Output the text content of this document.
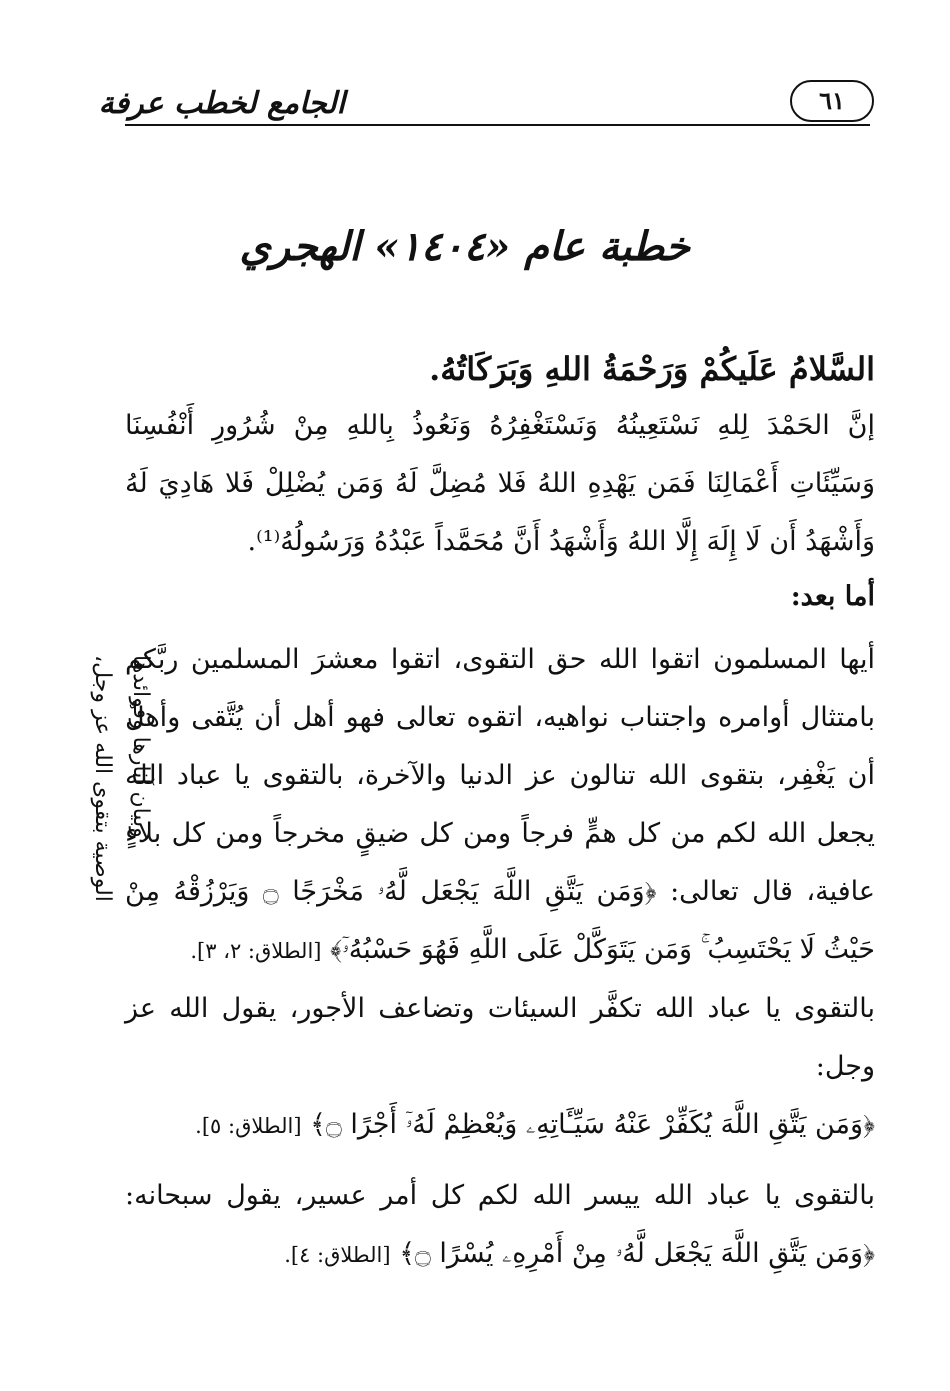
الجامع لخطب عرفة	٦١
خطبة عام «١٤٠٤» الهجري
الوصية بتقوى الله عز وجل، وبيان آثارها وفوائدها

السَّلامُ عَلَيكُمْ وَرَحْمَةُ اللهِ وَبَرَكَاتُهُ.

إنَّ الحَمْدَ لِلهِ نَسْتَعِينُهُ وَنَسْتَغْفِرُهُ وَنَعُوذُ بِاللهِ مِنْ شُرُورِ أَنْفُسِنَا وَسَيِّئَاتِ أَعْمَالِنَا فَمَن يَهْدِهِ اللهُ فَلا مُضِلَّ لَهُ وَمَن يُضْلِلْ فَلا هَادِيَ لَهُ وَأَشْهَدُ أَن لَا إِلَهَ إِلَّا اللهُ وَأَشْهَدُ أَنَّ مُحَمَّداً عَبْدُهُ وَرَسُولُهُ⁽¹⁾.

أما بعد:

أيها المسلمون اتقوا الله حق التقوى، اتقوا معشرَ المسلمين ربَّكم بامتثال أوامره واجتناب نواهيه، اتقوه تعالى فهو أهل أن يُتَّقى وأهلٌ أن يَغْفِر، بتقوى الله تنالون عز الدنيا والآخرة، بالتقوى يا عباد الله يجعل الله لكم من كل همٍّ فرجاً ومن كل ضيقٍ مخرجاً ومن كل بلاءٍ عافية، قال تعالى: ﴿وَمَن يَتَّقِ اللَّهَ يَجْعَل لَّهُۥ مَخْرَجًا ۝ وَيَرْزُقْهُ مِنْ حَيْثُ لَا يَحْتَسِبُ ۚ وَمَن يَتَوَكَّلْ عَلَى اللَّهِ فَهُوَ حَسْبُهُۥٓ﴾ [الطلاق: ٢، ٣].

بالتقوى يا عباد الله تكفَّر السيئات وتضاعف الأجور، يقول الله عز وجل:

﴿وَمَن يَتَّقِ اللَّهَ يُكَفِّرْ عَنْهُ سَيِّـَٔاتِهِۦ وَيُعْظِمْ لَهُۥٓ أَجْرًا ۝﴾ [الطلاق: ٥].

بالتقوى يا عباد الله ييسر الله لكم كل أمر عسير، يقول سبحانه: ﴿وَمَن يَتَّقِ اللَّهَ يَجْعَل لَّهُۥ مِنْ أَمْرِهِۦ يُسْرًا ۝﴾ [الطلاق: ٤].
